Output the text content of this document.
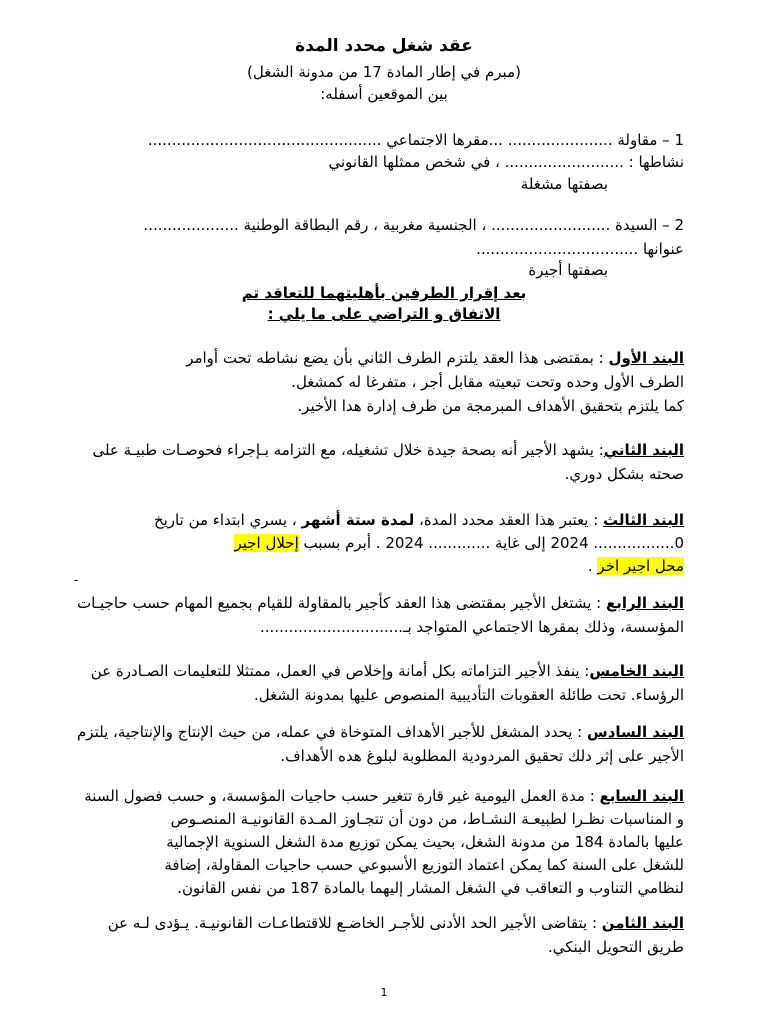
عقد شغل محدد المدة
(مبرم في إطار المادة 17 من مدونة الشغل)
بين الموقعين أسفله:
1 – مقاولة ...................... ...مقرها الاجتماعي .................................................
نشاطها : ......................... ، في شخص ممثلها القانوني
بصفتها مشغلة
2 – السيدة ......................... ، الجنسية مغربية ، رقم البطاقة الوطنية ....................
عنوانها ..................................
بصفتها أجيرة
بعد إقرار الطرفين بأهليتهما للتعاقد تم
الاتفاق و التراضي على ما يلي :
البند الأول : بمقتضى هذا العقد يلتزم الطرف الثاني بأن يضع نشاطه تحت أوامر
الطرف الأول وحده وتحت تبعيته مقابل أجر ، متفرغا له كمشغل.
كما يلتزم بتحقيق الأهداف المبرمجة من طرف إدارة هدا الأخير.
البند الثاني: يشهد الأجير أنه بصحة جيدة خلال تشغيله، مع التزامه بـإجراء فحوصـات طبيـة على
صحته بشكل دوري.
البند الثالث : يعتبر هذا العقد محدد المدة، لمدة ستة أشهر ، يسري ابتداء من تاريخ
0................. 2024 إلى غاية ............. 2024 . أبرم بسبب إحلال اجير
محل اجير اخر .
-
البند الرابع : يشتغل الأجير بمقتضى هذا العقد كأجير بالمقاولة للقيام بجميع المهام حسب حاجيـات
المؤسسة، وذلك بمقرها الاجتماعي المتواجد بـ..............................
البند الخامس: ينفذ الأجير التزاماته بكل أمانة وإخلاص في العمل، ممتثلا للتعليمات الصـادرة عن
الرؤساء. تحت طائلة العقوبات التأديبية المنصوص عليها بمدونة الشغل.
البند السادس : يحدد المشغل للأجير الأهداف المتوخاة في عمله، من حيث الإنتاج والإنتاجية، يلتزم
الأجير على إثر دلك تحقيق المردودية المطلوبة لبلوغ هده الأهداف.
البند السابع : مدة العمل اليومية غير قارة تتغير حسب حاجيات المؤسسة، و حسب فصول السنة
و المناسبات نظـرا لطبيعـة النشـاط، من دون أن تتجـاوز المـدة القانونيـة المنصـوص
عليها بالمادة 184 من مدونة الشغل، بحيث يمكن توزيع مدة الشغل السنوية الإجمالية
للشغل على السنة كما يمكن اعتماد التوزيع الأسبوعي حسب حاجيات المقاولة، إضافة
لنظامي التناوب و التعاقب في الشغل المشار إليهما بالمادة 187 من نفس القانون.
البند الثامن : يتقاضى الأجير الحد الأدنى للأجـر الخاضـع للاقتطاعـات القانونيـة. يـؤدى لـه عن
طريق التحويل البنكي.
1
